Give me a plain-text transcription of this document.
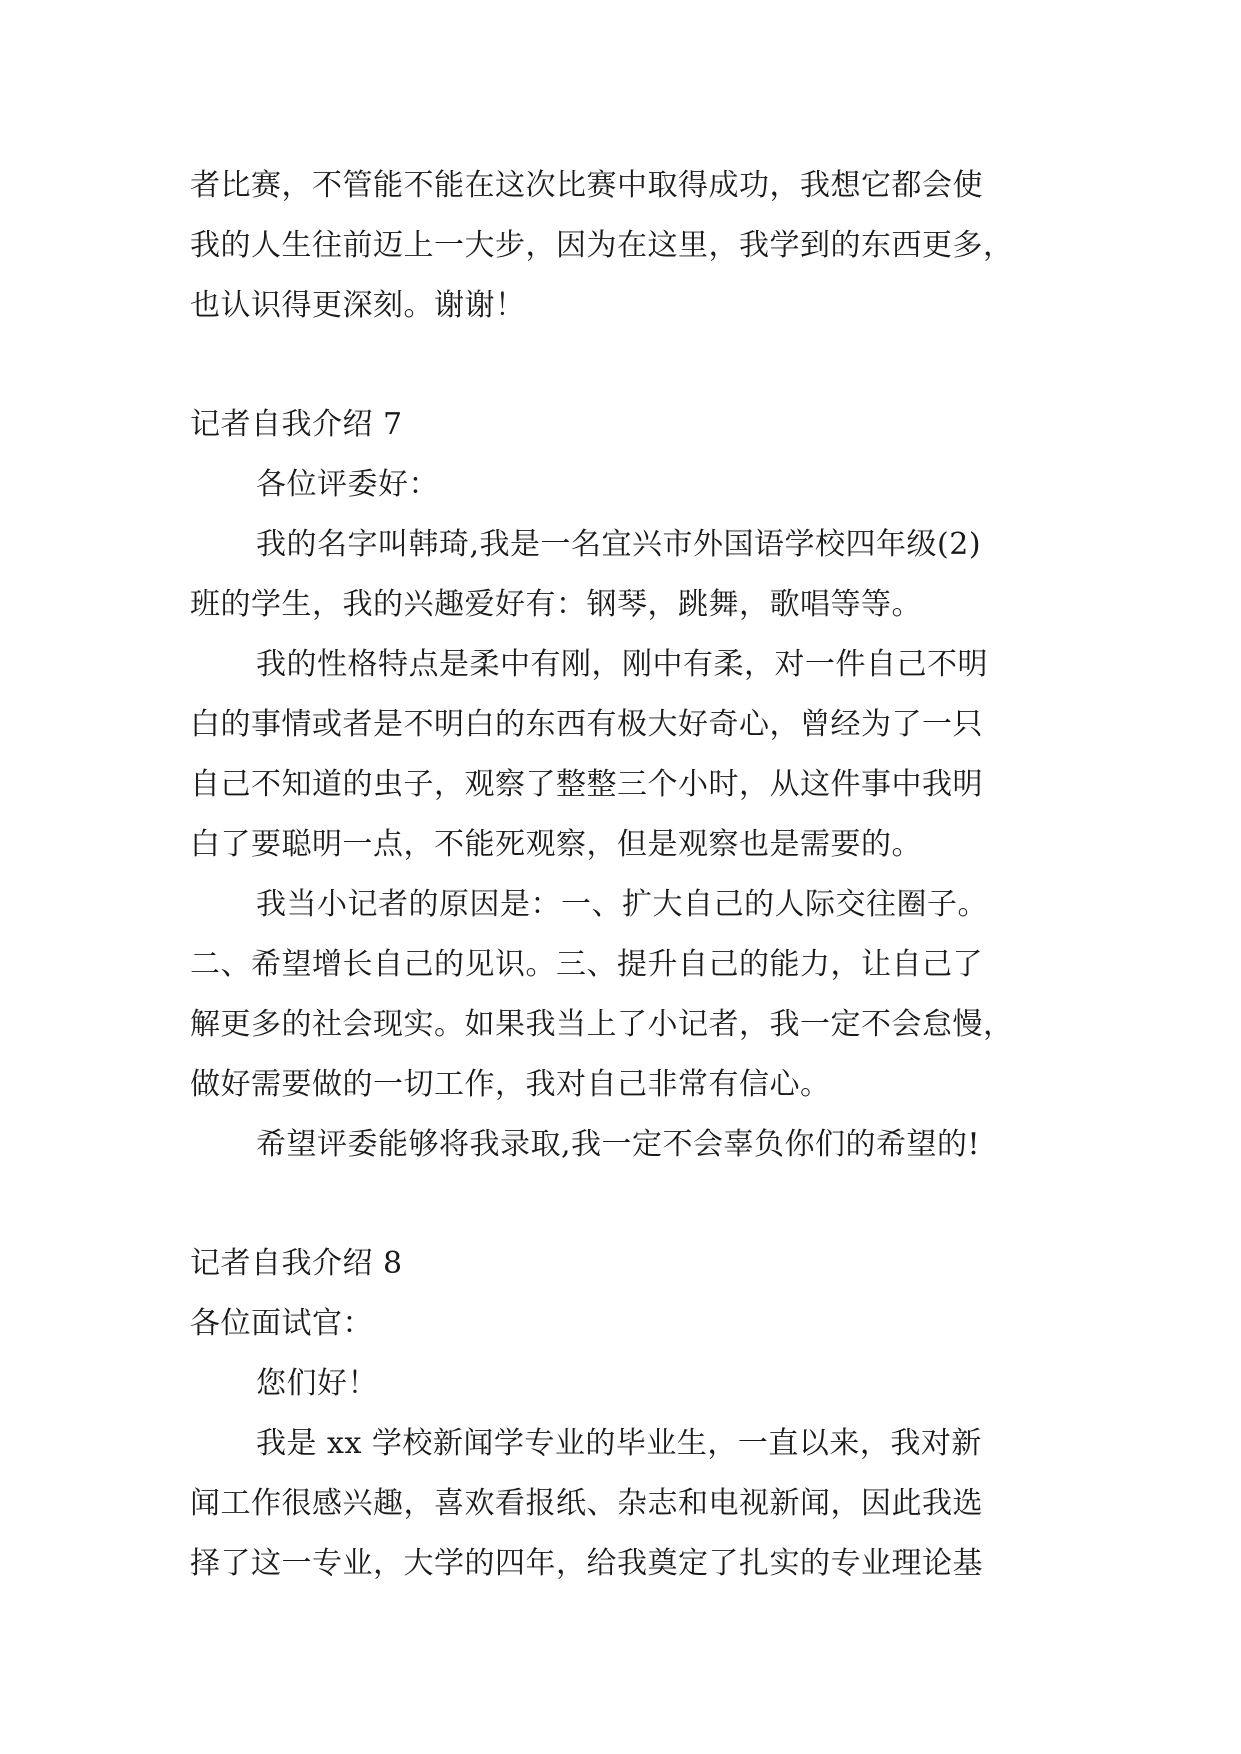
者比赛，不管能不能在这次比赛中取得成功，我想它都会使
我的人生往前迈上一大步，因为在这里，我学到的东西更多，
也认识得更深刻。谢谢！
记者自我介绍 7
各位评委好：
我的名字叫韩琦,我是一名宜兴市外国语学校四年级(2)
班的学生，我的兴趣爱好有：钢琴，跳舞，歌唱等等。
我的性格特点是柔中有刚，刚中有柔，对一件自己不明
白的事情或者是不明白的东西有极大好奇心，曾经为了一只
自己不知道的虫子，观察了整整三个小时，从这件事中我明
白了要聪明一点，不能死观察，但是观察也是需要的。
我当小记者的原因是：一、扩大自己的人际交往圈子。
二、希望增长自己的见识。三、提升自己的能力，让自己了
解更多的社会现实。如果我当上了小记者，我一定不会怠慢，
做好需要做的一切工作，我对自己非常有信心。
希望评委能够将我录取,我一定不会辜负你们的希望的!
记者自我介绍 8
各位面试官：
您们好！
我是 xx 学校新闻学专业的毕业生，一直以来，我对新
闻工作很感兴趣，喜欢看报纸、杂志和电视新闻，因此我选
择了这一专业，大学的四年，给我奠定了扎实的专业理论基
